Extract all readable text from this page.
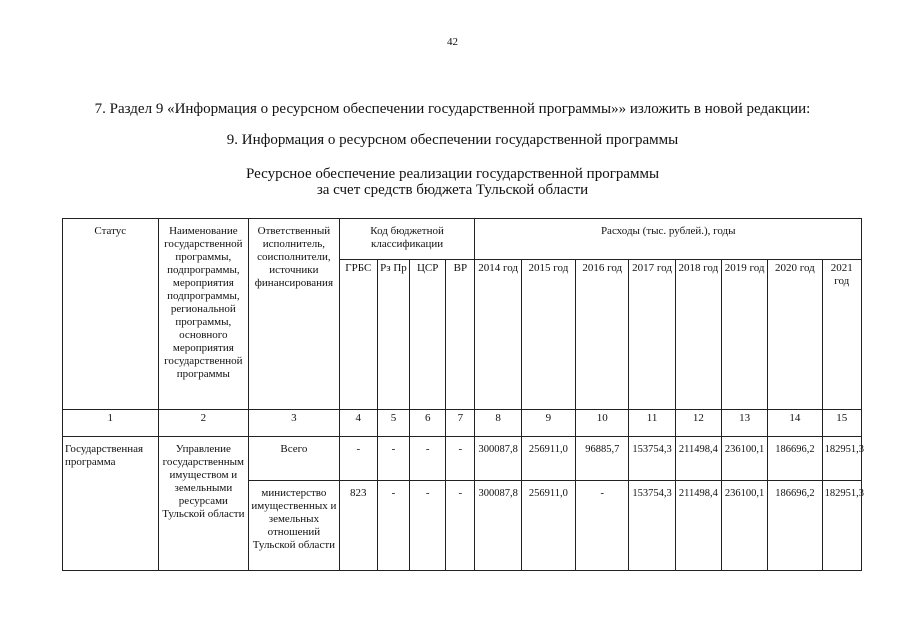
42
7. Раздел 9 «Информация о ресурсном обеспечении государственной программы»» изложить в новой редакции:
9. Информация о ресурсном обеспечении государственной программы
Ресурсное обеспечение реализации государственной программы
за счет средств бюджета Тульской области
Статус	Наименование государственной программы, подпрограммы, мероприятия подпрограммы, региональной программы, основного мероприятия государственной программы	Ответственный исполнитель, соисполнители, источники финансирования	Код бюджетной классификации				Расходы (тыс. рублей.), годы							
			ГРБС	Рз Пр	ЦСР	ВР	2014 год	2015 год	2016 год	2017 год	2018 год	2019 год	2020 год	2021 год
1	2	3	4	5	6	7	8	9	10	11	12	13	14	15
Государственная программа	Управление государственным имуществом и земельными ресурсами Тульской области	Всего	-	-	-	-	300087,8	256911,0	96885,7	153754,3	211498,4	236100,1	186696,2	182951,3
		министерство имущественных и земельных отношений Тульской области	823	-	-	-	300087,8	256911,0	-	153754,3	211498,4	236100,1	186696,2	182951,3
